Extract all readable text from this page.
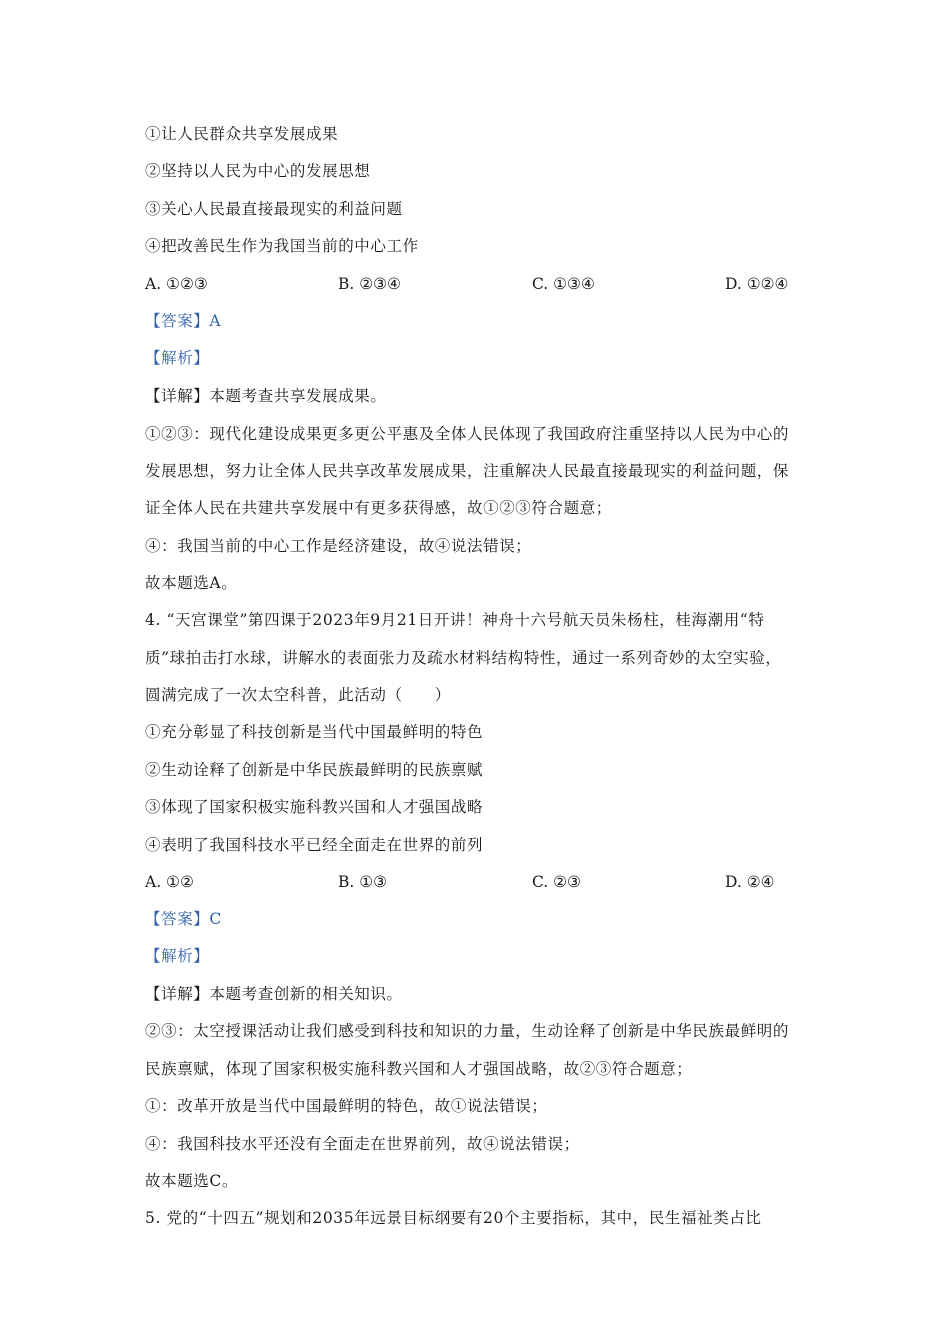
①让人民群众共享发展成果
②坚持以人民为中心的发展思想
③关心人民最直接最现实的利益问题
④把改善民生作为我国当前的中心工作
A. ①②③	B. ②③④	C. ①③④	D. ①②④
【答案】A
【解析】
【详解】本题考查共享发展成果。
①②③：现代化建设成果更多更公平惠及全体人民体现了我国政府注重坚持以人民为中心的
发展思想，努力让全体人民共享改革发展成果，注重解决人民最直接最现实的利益问题，保
证全体人民在共建共享发展中有更多获得感，故①②③符合题意；
④：我国当前的中心工作是经济建设，故④说法错误；
故本题选A。
4. “天宫课堂”第四课于2023年9月21日开讲！神舟十六号航天员朱杨柱，桂海潮用“特
质”球拍击打水球，讲解水的表面张力及疏水材料结构特性，通过一系列奇妙的太空实验，
圆满完成了一次太空科普，此活动（　　）
①充分彰显了科技创新是当代中国最鲜明的特色
②生动诠释了创新是中华民族最鲜明的民族禀赋
③体现了国家积极实施科教兴国和人才强国战略
④表明了我国科技水平已经全面走在世界的前列
A. ①②	B. ①③	C. ②③	D. ②④
【答案】C
【解析】
【详解】本题考查创新的相关知识。
②③：太空授课活动让我们感受到科技和知识的力量，生动诠释了创新是中华民族最鲜明的
民族禀赋，体现了国家积极实施科教兴国和人才强国战略，故②③符合题意；
①：改革开放是当代中国最鲜明的特色，故①说法错误；
④：我国科技水平还没有全面走在世界前列，故④说法错误；
故本题选C。
5. 党的“十四五”规划和2035年远景目标纲要有20个主要指标，其中，民生福祉类占比
